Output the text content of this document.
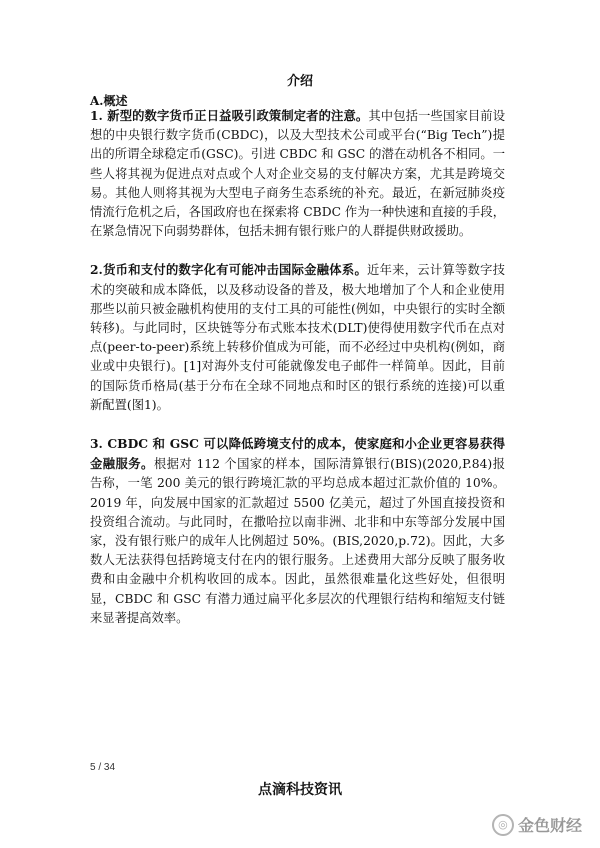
介绍
A.概述

1. 新型的数字货币正日益吸引政策制定者的注意。其中包括一些国家目前设想的中央银行数字货币(CBDC)，以及大型技术公司或平台(“Big Tech”)提出的所谓全球稳定币(GSC)。引进 CBDC 和 GSC 的潜在动机各不相同。一些人将其视为促进点对点或个人对企业交易的支付解决方案，尤其是跨境交易。其他人则将其视为大型电子商务生态系统的补充。最近，在新冠肺炎疫情流行危机之后，各国政府也在探索将 CBDC 作为一种快速和直接的手段，在紧急情况下向弱势群体，包括未拥有银行账户的人群提供财政援助。

2.货币和支付的数字化有可能冲击国际金融体系。近年来，云计算等数字技术的突破和成本降低，以及移动设备的普及，极大地增加了个人和企业使用那些以前只被金融机构使用的支付工具的可能性(例如，中央银行的实时全额转移)。与此同时，区块链等分布式账本技术(DLT)使得使用数字代币在点对点(peer-to-peer)系统上转移价值成为可能，而不必经过中央机构(例如，商业或中央银行)。[1]对海外支付可能就像发电子邮件一样简单。因此，目前的国际货币格局(基于分布在全球不同地点和时区的银行系统的连接)可以重新配置(图1)。

3. CBDC 和 GSC 可以降低跨境支付的成本，使家庭和小企业更容易获得金融服务。根据对 112 个国家的样本，国际清算银行(BIS)(2020,P.84)报告称，一笔 200 美元的银行跨境汇款的平均总成本超过汇款价值的 10%。2019 年，向发展中国家的汇款超过 5500 亿美元，超过了外国直接投资和投资组合流动。与此同时，在撒哈拉以南非洲、北非和中东等部分发展中国家，没有银行账户的成年人比例超过 50%。(BIS,2020,p.72)。因此，大多数人无法获得包括跨境支付在内的银行服务。上述费用大部分反映了服务收费和由金融中介机构收回的成本。因此，虽然很难量化这些好处，但很明显，CBDC 和 GSC 有潜力通过扁平化多层次的代理银行结构和缩短支付链来显著提高效率。

5 / 34
点滴科技资讯
◎ 金色财经
